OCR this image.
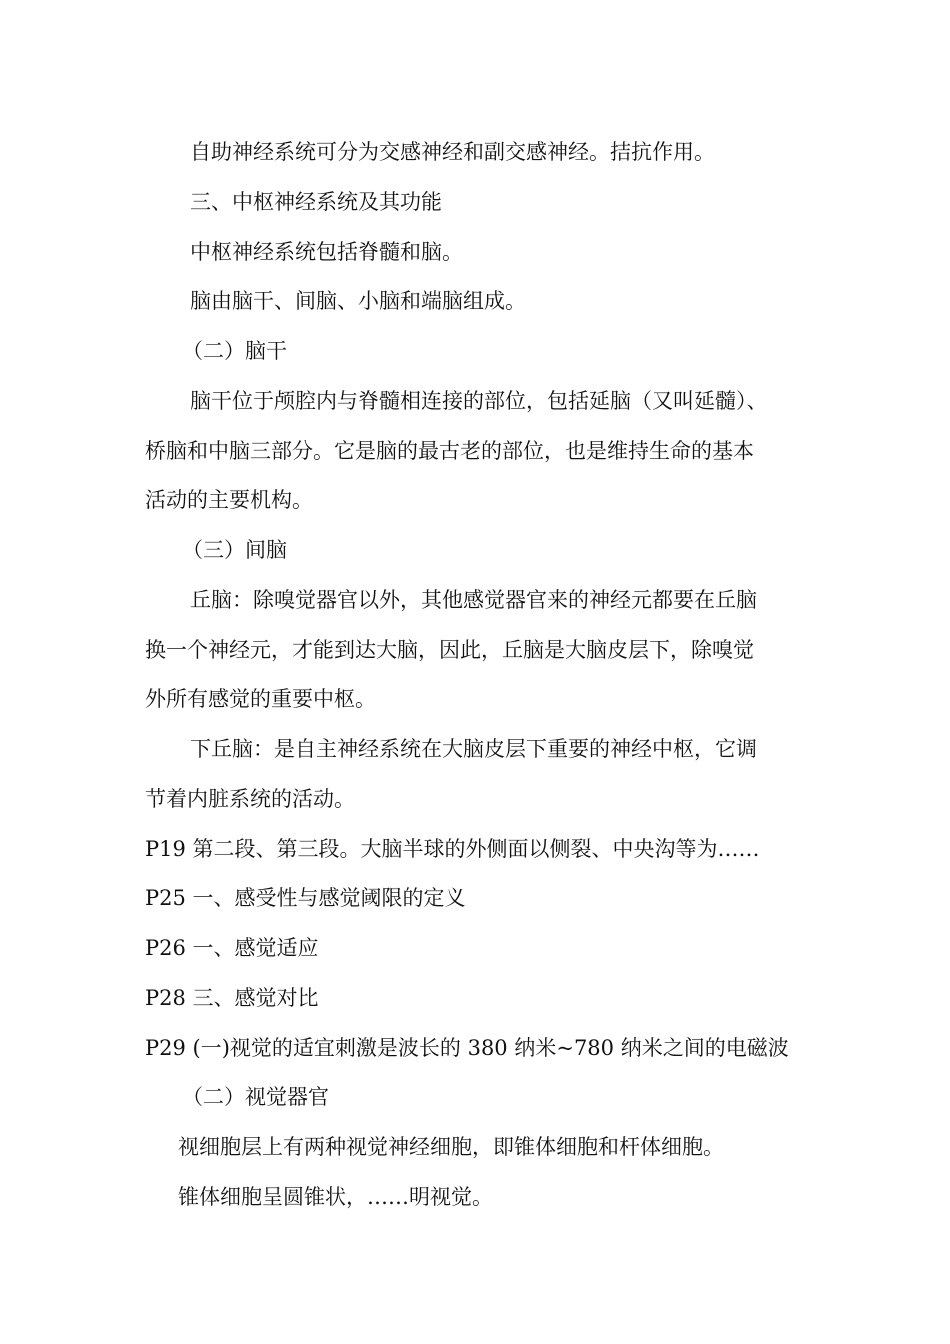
自助神经系统可分为交感神经和副交感神经。拮抗作用。

三、中枢神经系统及其功能

中枢神经系统包括脊髓和脑。

脑由脑干、间脑、小脑和端脑组成。

（二）脑干

脑干位于颅腔内与脊髓相连接的部位，包括延脑（又叫延髓）、

桥脑和中脑三部分。它是脑的最古老的部位，也是维持生命的基本

活动的主要机构。

（三）间脑

丘脑：除嗅觉器官以外，其他感觉器官来的神经元都要在丘脑

换一个神经元，才能到达大脑，因此，丘脑是大脑皮层下，除嗅觉

外所有感觉的重要中枢。

下丘脑：是自主神经系统在大脑皮层下重要的神经中枢，它调

节着内脏系统的活动。

P19 第二段、第三段。大脑半球的外侧面以侧裂、中央沟等为……

P25 一、感受性与感觉阈限的定义

P26 一、感觉适应

P28 三、感觉对比

P29 (一)视觉的适宜刺激是波长的 380 纳米~780 纳米之间的电磁波

（二）视觉器官

视细胞层上有两种视觉神经细胞，即锥体细胞和杆体细胞。

锥体细胞呈圆锥状，……明视觉。
